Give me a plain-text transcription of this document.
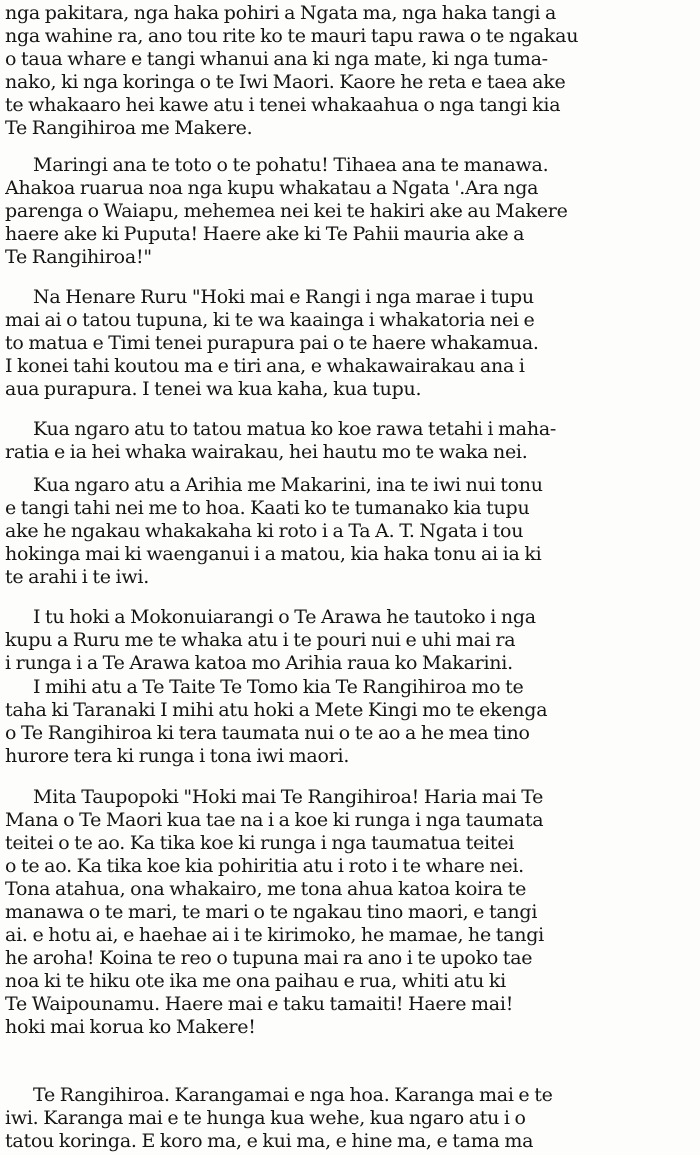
nga pakitara, nga haka pohiri a Ngata ma, nga haka tangi a
nga wahine ra, ano tou rite ko te mauri tapu rawa o te ngakau
o taua whare e tangi whanui ana ki nga mate, ki nga tuma-
nako, ki nga koringa o te Iwi Maori. Kaore he reta e taea ake
te whakaaro hei kawe atu i tenei whakaahua o nga tangi kia
Te Rangihiroa me Makere.
Maringi ana te toto o te pohatu! Tihaea ana te manawa.
Ahakoa ruarua noa nga kupu whakatau a Ngata '.Ara nga
parenga o Waiapu, mehemea nei kei te hakiri ake au Makere
haere ake ki Puputa! Haere ake ki Te Pahii mauria ake a
Te Rangihiroa!"
Na Henare Ruru "Hoki mai e Rangi i nga marae i tupu
mai ai o tatou tupuna, ki te wa kaainga i whakatoria nei e
to matua e Timi tenei purapura pai o te haere whakamua.
I konei tahi koutou ma e tiri ana, e whakawairakau ana i
aua purapura. I tenei wa kua kaha, kua tupu.
Kua ngaro atu to tatou matua ko koe rawa tetahi i maha-
ratia e ia hei whaka wairakau, hei hautu mo te waka nei.
Kua ngaro atu a Arihia me Makarini, ina te iwi nui tonu
e tangi tahi nei me to hoa. Kaati ko te tumanako kia tupu
ake he ngakau whakakaha ki roto i a Ta A. T. Ngata i tou
hokinga mai ki waenganui i a matou, kia haka tonu ai ia ki
te arahi i te iwi.
I tu hoki a Mokonuiarangi o Te Arawa he tautoko i nga
kupu a Ruru me te whaka atu i te pouri nui e uhi mai ra
i runga i a Te Arawa katoa mo Arihia raua ko Makarini.
I mihi atu a Te Taite Te Tomo kia Te Rangihiroa mo te
taha ki Taranaki I mihi atu hoki a Mete Kingi mo te ekenga
o Te Rangihiroa ki tera taumata nui o te ao a he mea tino
hurore tera ki runga i tona iwi maori.
Mita Taupopoki "Hoki mai Te Rangihiroa! Haria mai Te
Mana o Te Maori kua tae na i a koe ki runga i nga taumata
teitei o te ao. Ka tika koe ki runga i nga taumatua teitei
o te ao. Ka tika koe kia pohiritia atu i roto i te whare nei.
Tona atahua, ona whakairo, me tona ahua katoa koira te
manawa o te mari, te mari o te ngakau tino maori, e tangi
ai. e hotu ai, e haehae ai i te kirimoko, he mamae, he tangi
he aroha! Koina te reo o tupuna mai ra ano i te upoko tae
noa ki te hiku ote ika me ona paihau e rua, whiti atu ki
Te Waipounamu. Haere mai e taku tamaiti! Haere mai!
hoki mai korua ko Makere!
Te Rangihiroa. Karangamai e nga hoa. Karanga mai e te
iwi. Karanga mai e te hunga kua wehe, kua ngaro atu i o
tatou koringa. E koro ma, e kui ma, e hine ma, e tama ma
